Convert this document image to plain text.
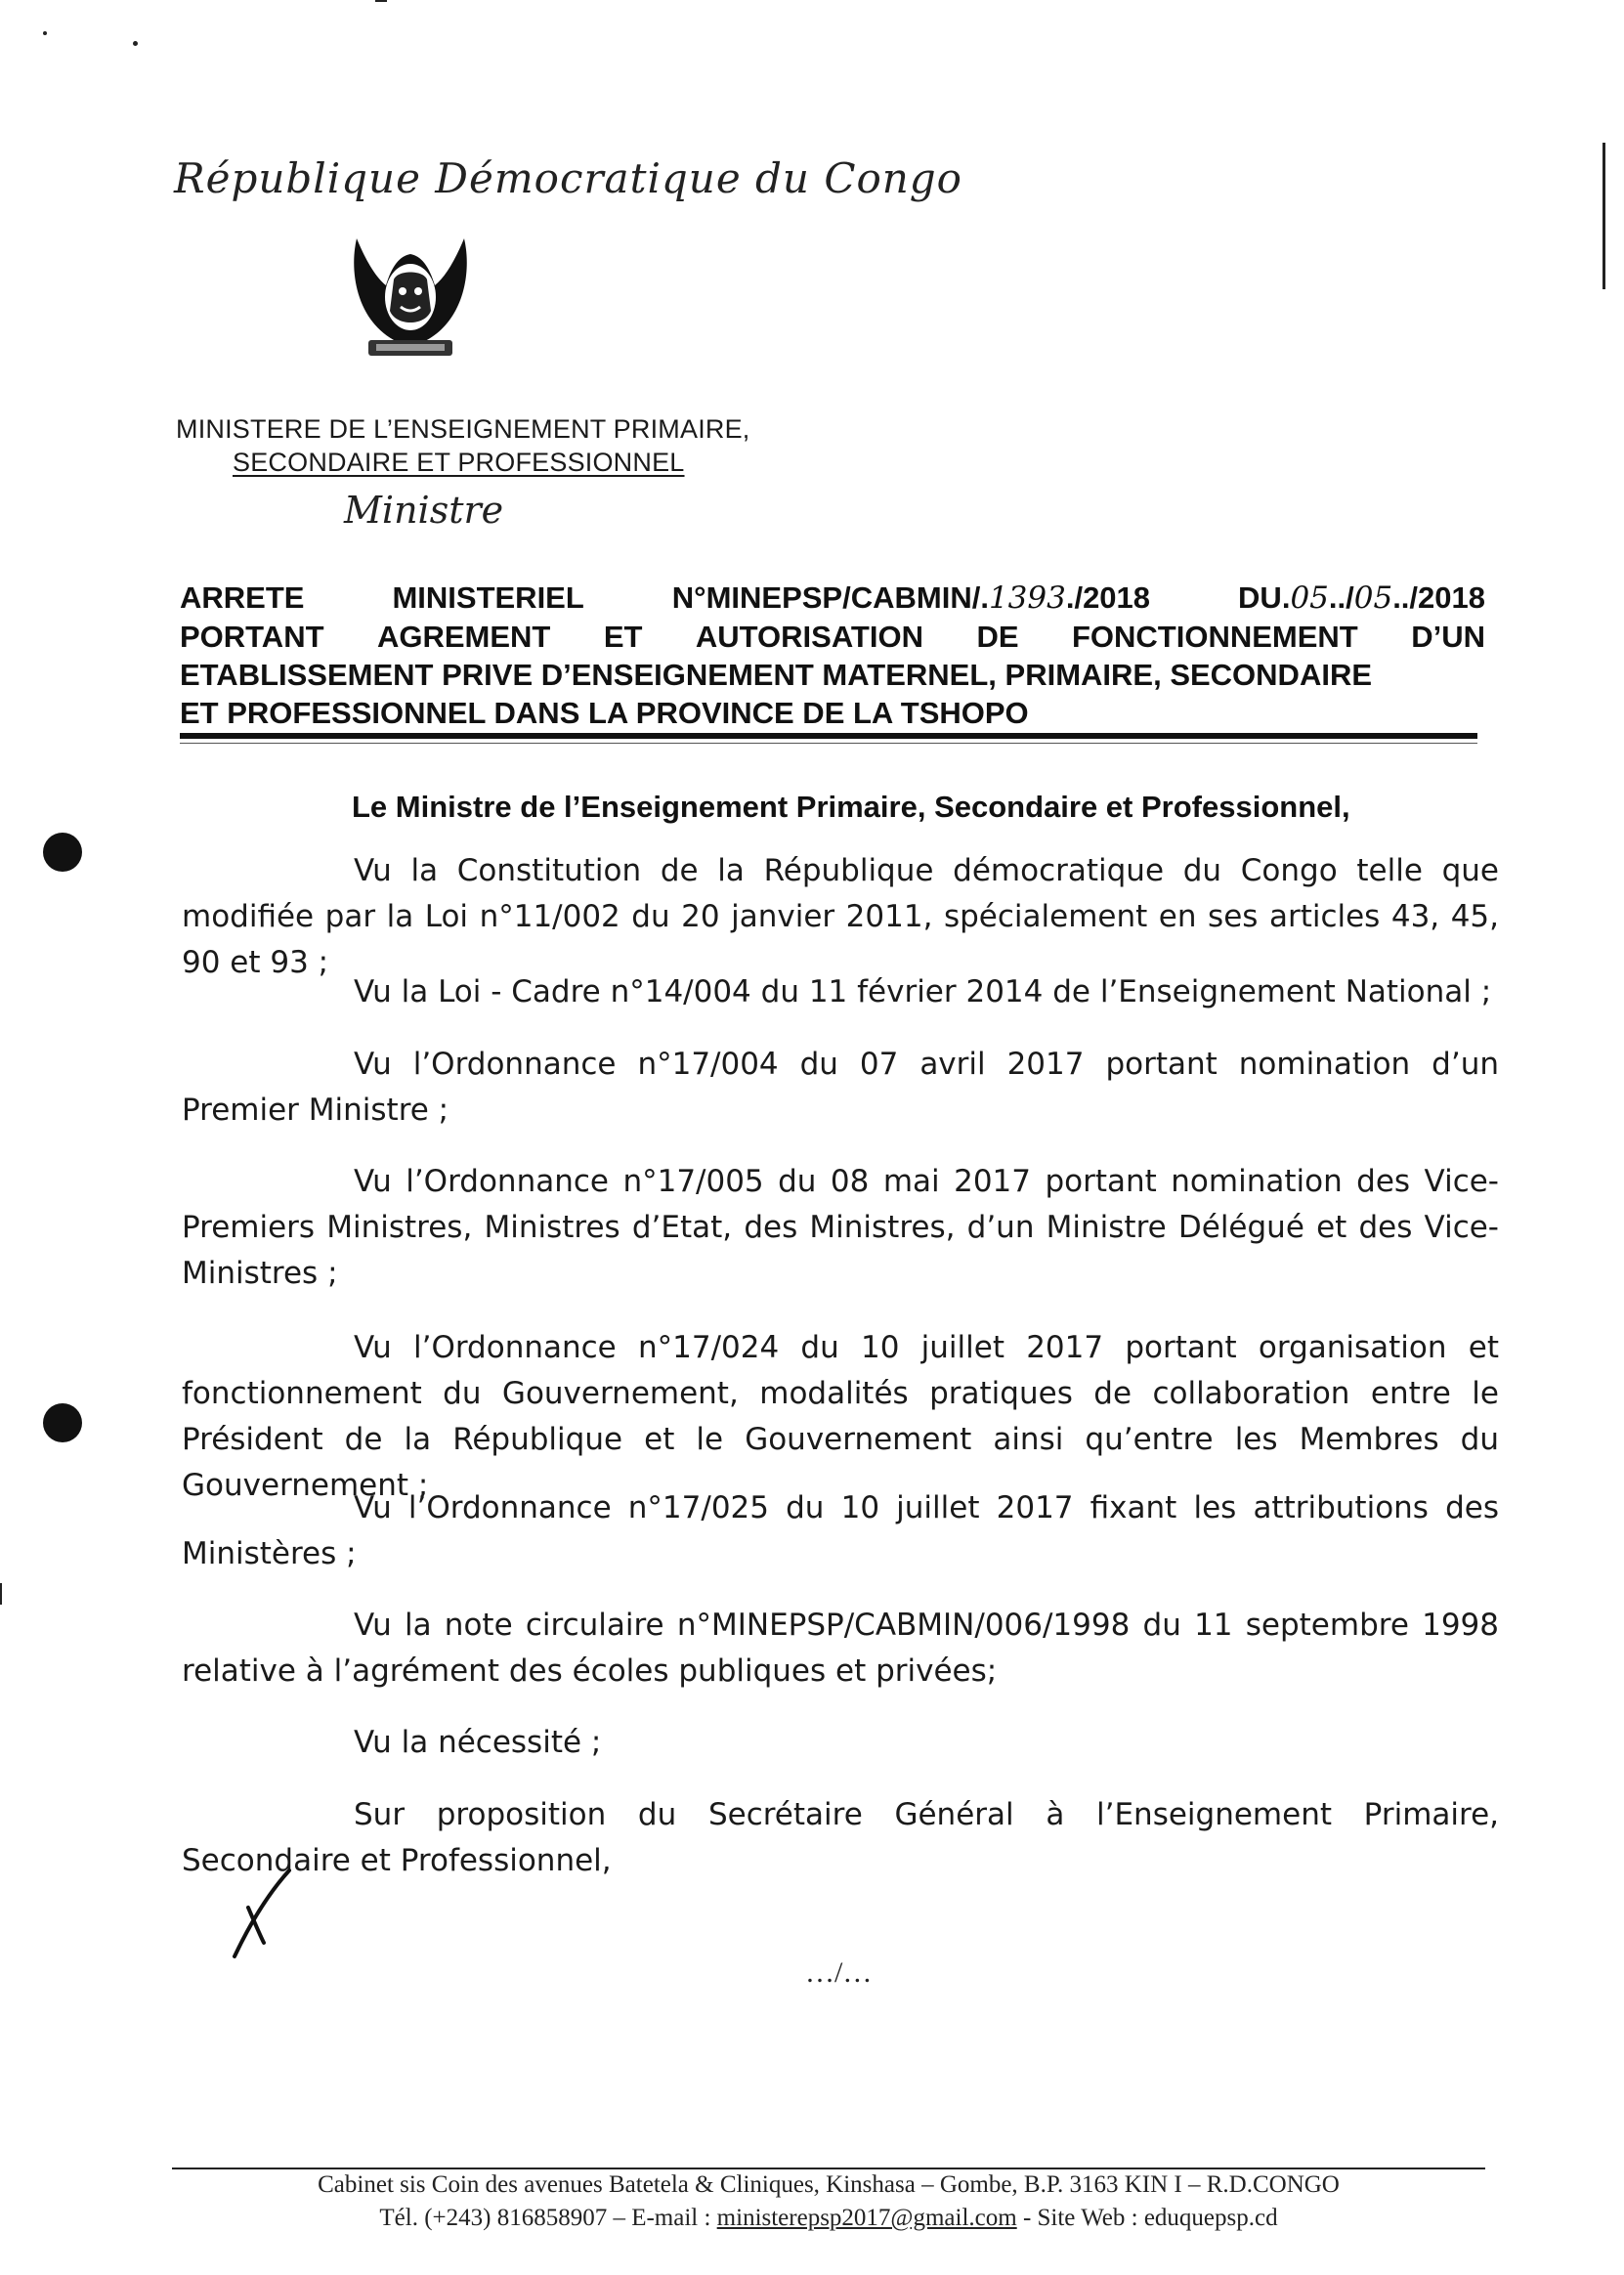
République Démocratique du Congo
MINISTERE DE L’ENSEIGNEMENT PRIMAIRE,
SECONDAIRE ET PROFESSIONNEL
Ministre
ARRETE	MINISTERIEL	N°MINEPSP/CABMIN/.1393./2018	DU.05../05../2018
PORTANT AGREMENT ET AUTORISATION DE FONCTIONNEMENT D’UN
ETABLISSEMENT PRIVE D’ENSEIGNEMENT MATERNEL, PRIMAIRE, SECONDAIRE
ET PROFESSIONNEL DANS LA PROVINCE DE LA TSHOPO
Le Ministre de l’Enseignement Primaire, Secondaire et Professionnel,
Vu la Constitution de la République démocratique du Congo telle que modifiée par la Loi n°11/002 du 20 janvier 2011, spécialement en ses articles 43, 45, 90 et 93 ;
Vu la Loi - Cadre n°14/004 du 11 février 2014 de l’Enseignement National ;
Vu l’Ordonnance n°17/004 du 07 avril 2017 portant nomination d’un Premier Ministre ;
Vu l’Ordonnance n°17/005 du 08 mai 2017 portant nomination des Vice-Premiers Ministres, Ministres d’Etat, des Ministres, d’un Ministre Délégué et des Vice-Ministres ;
Vu l’Ordonnance n°17/024 du 10 juillet 2017 portant organisation et fonctionnement du Gouvernement, modalités pratiques de collaboration entre le Président de la République et le Gouvernement ainsi qu’entre les Membres du Gouvernement ;
Vu l’Ordonnance n°17/025 du 10 juillet 2017 fixant les attributions des Ministères ;
Vu la note circulaire n°MINEPSP/CABMIN/006/1998 du 11 septembre 1998 relative à l’agrément des écoles publiques et privées;
Vu la nécessité ;
Sur proposition du Secrétaire Général à l’Enseignement Primaire, Secondaire et Professionnel,
…/…
Cabinet sis Coin des avenues Batetela & Cliniques, Kinshasa – Gombe, B.P. 3163 KIN I – R.D.CONGO
Tél. (+243) 816858907 – E-mail : ministerepsp2017@gmail.com - Site Web : eduquepsp.cd
